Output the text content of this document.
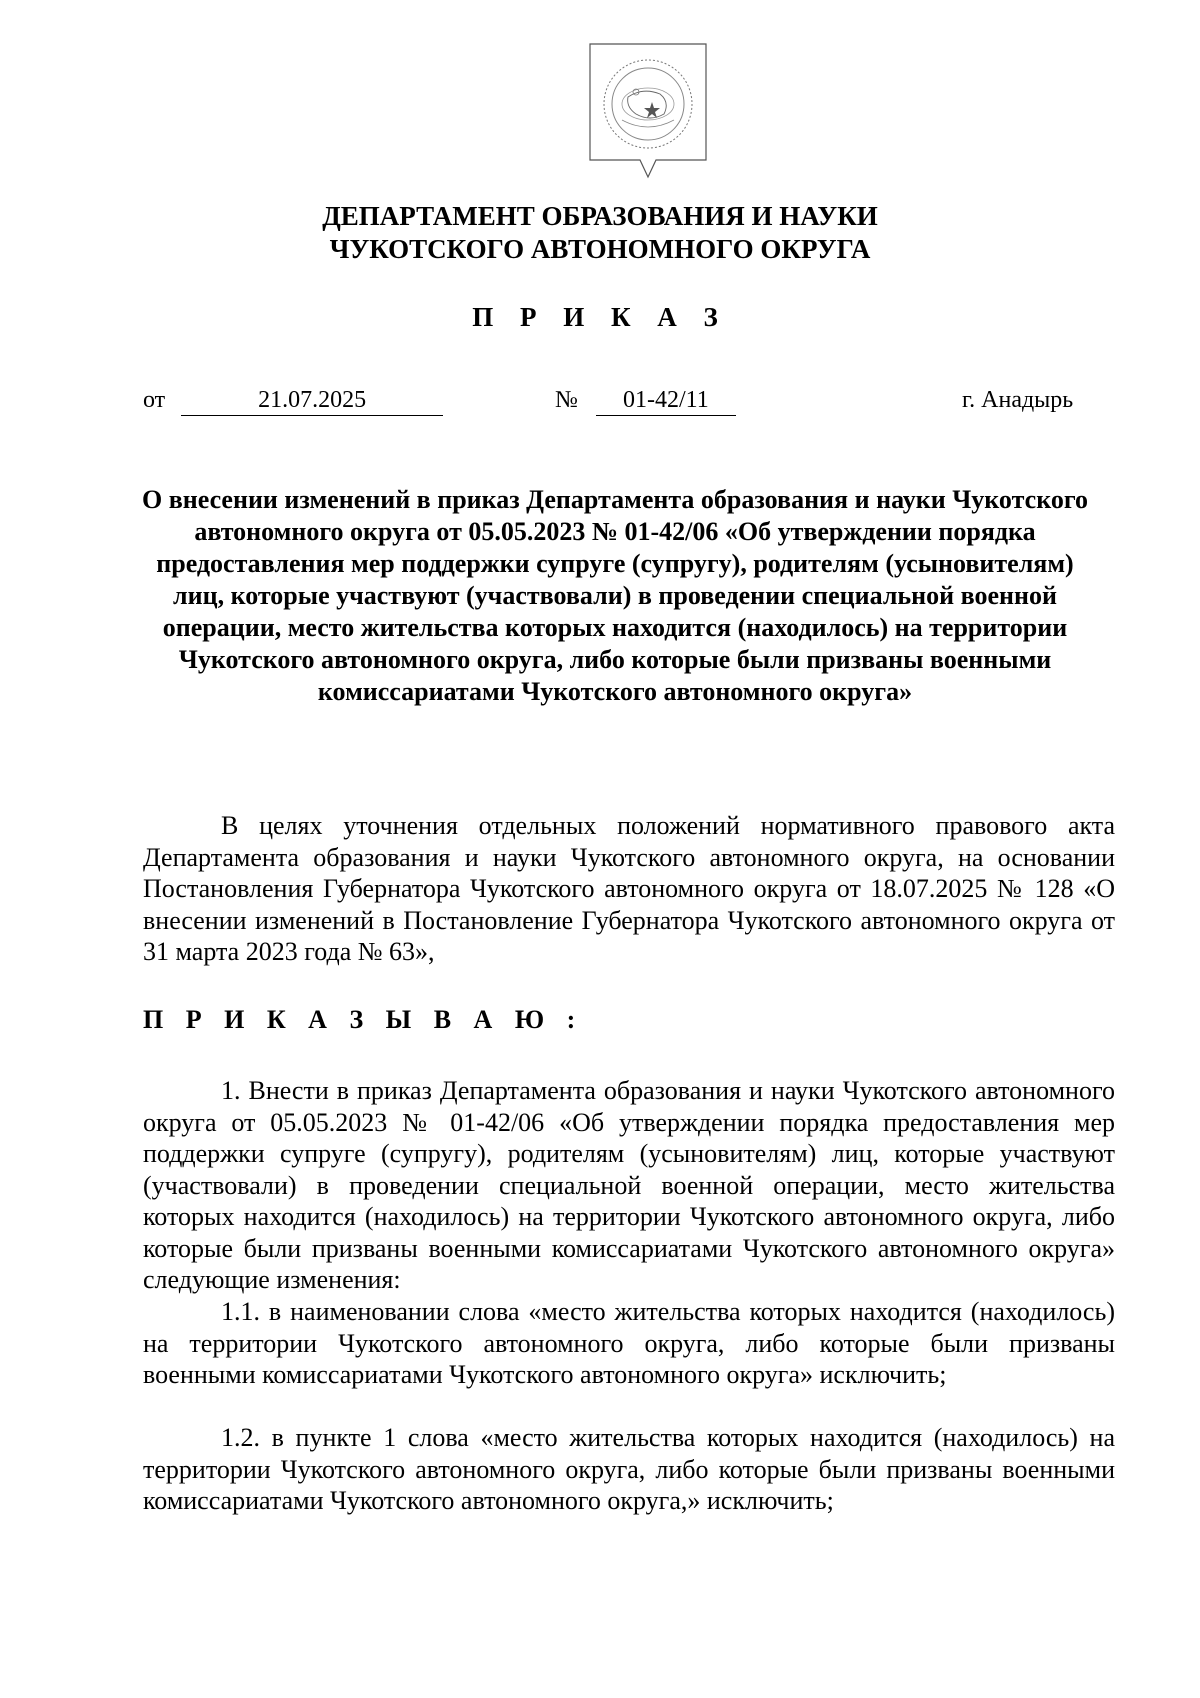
ДЕПАРТАМЕНТ ОБРАЗОВАНИЯ И НАУКИ
ЧУКОТСКОГО АВТОНОМНОГО ОКРУГА
П Р И К А З
от	21.07.2025	№ 01-42/11	г. Анадырь
О внесении изменений в приказ Департамента образования и науки Чукотского автономного округа от 05.05.2023 № 01-42/06 «Об утверждении порядка предоставления мер поддержки супруге (супругу), родителям (усыновителям) лиц, которые участвуют (участвовали) в проведении специальной военной операции, место жительства которых находится (находилось) на территории Чукотского автономного округа, либо которые были призваны военными комиссариатами Чукотского автономного округа»

В целях уточнения отдельных положений нормативного правового акта Департамента образования и науки Чукотского автономного округа, на основании Постановления Губернатора Чукотского автономного округа от 18.07.2025 № 128 «О внесении изменений в Постановление Губернатора Чукотского автономного округа от 31 марта 2023 года № 63»,

П Р И К А З Ы В А Ю :

1. Внести в приказ Департамента образования и науки Чукотского автономного округа от 05.05.2023 № 01-42/06 «Об утверждении порядка предоставления мер поддержки супруге (супругу), родителям (усыновителям) лиц, которые участвуют (участвовали) в проведении специальной военной операции, место жительства которых находится (находилось) на территории Чукотского автономного округа, либо которые были призваны военными комиссариатами Чукотского автономного округа» следующие изменения:

1.1. в наименовании слова «место жительства которых находится (находилось) на территории Чукотского автономного округа, либо которые были призваны военными комиссариатами Чукотского автономного округа» исключить;

1.2. в пункте 1 слова «место жительства которых находится (находилось) на территории Чукотского автономного округа, либо которые были призваны военными комиссариатами Чукотского автономного округа,» исключить;
